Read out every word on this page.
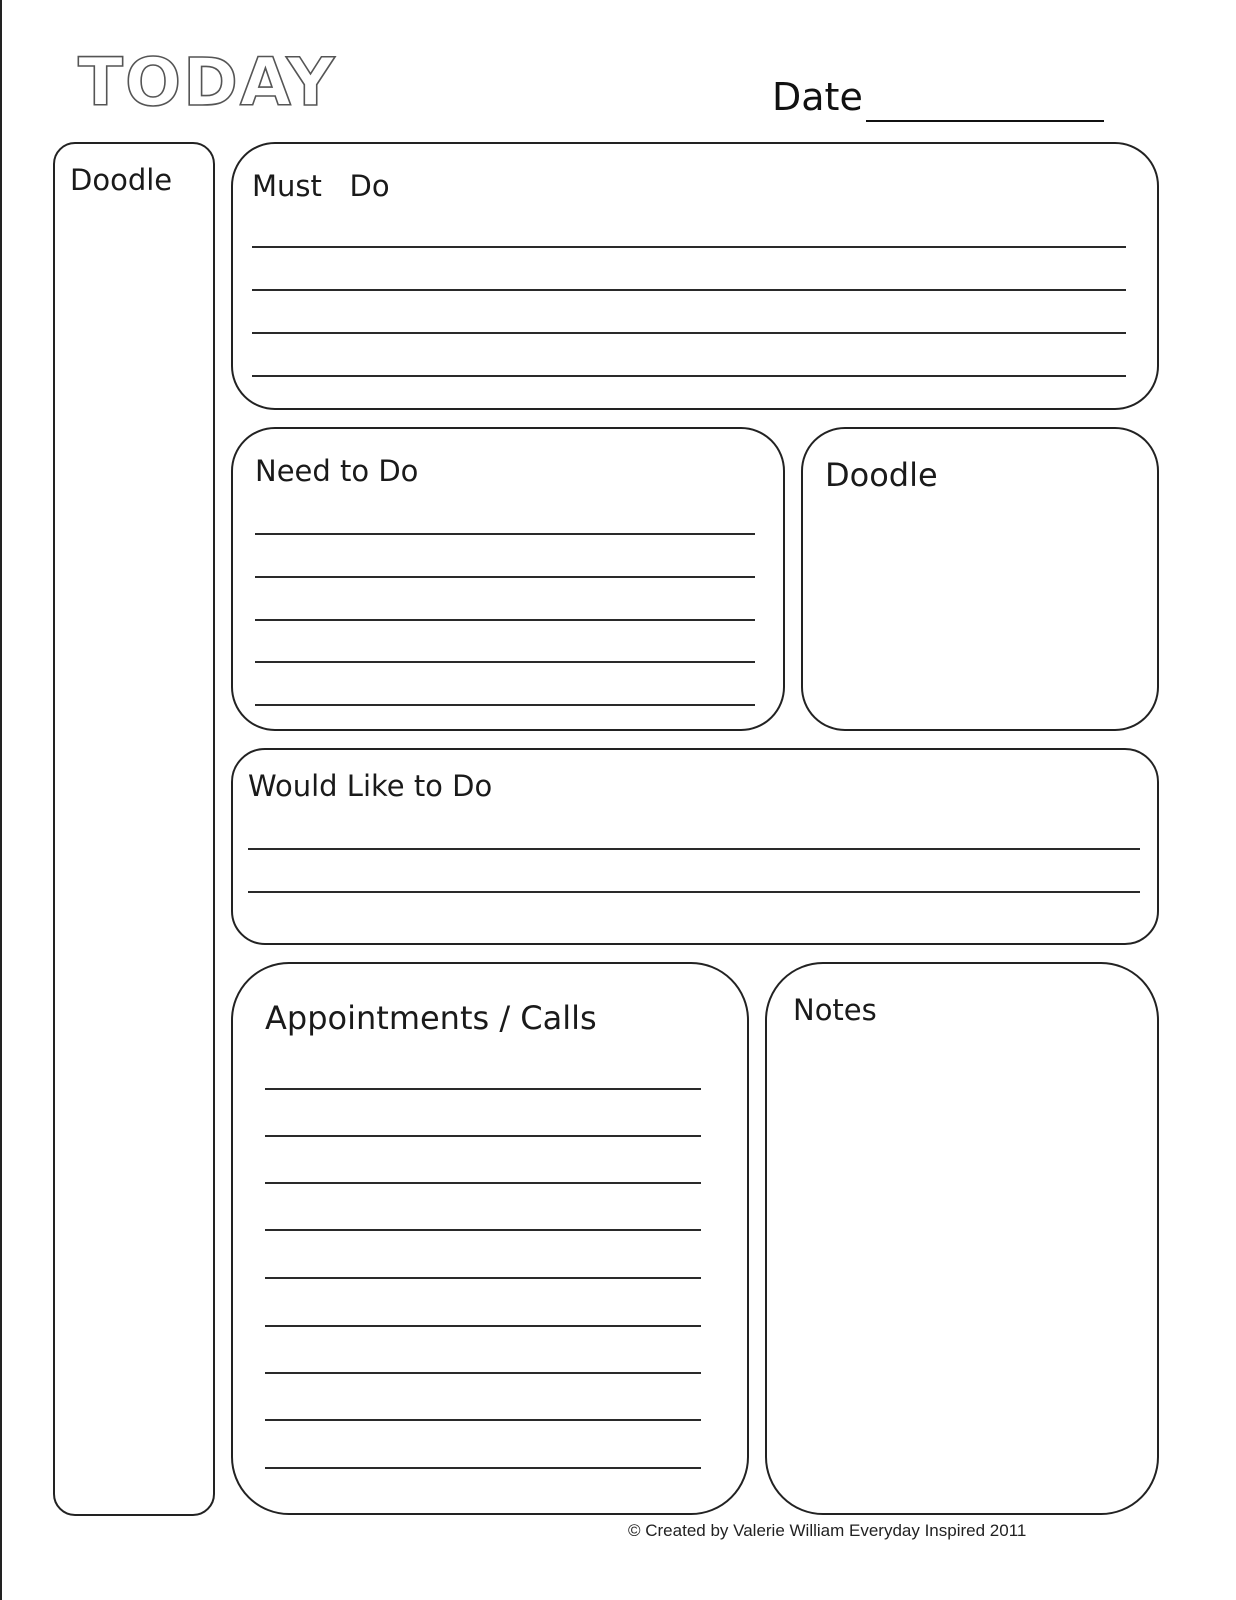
TODAY	Date
Doodle	Must   Do
Need to Do	Doodle
Would Like to Do
Appointments / Calls	Notes
© Created by Valerie William Everyday Inspired 2011
